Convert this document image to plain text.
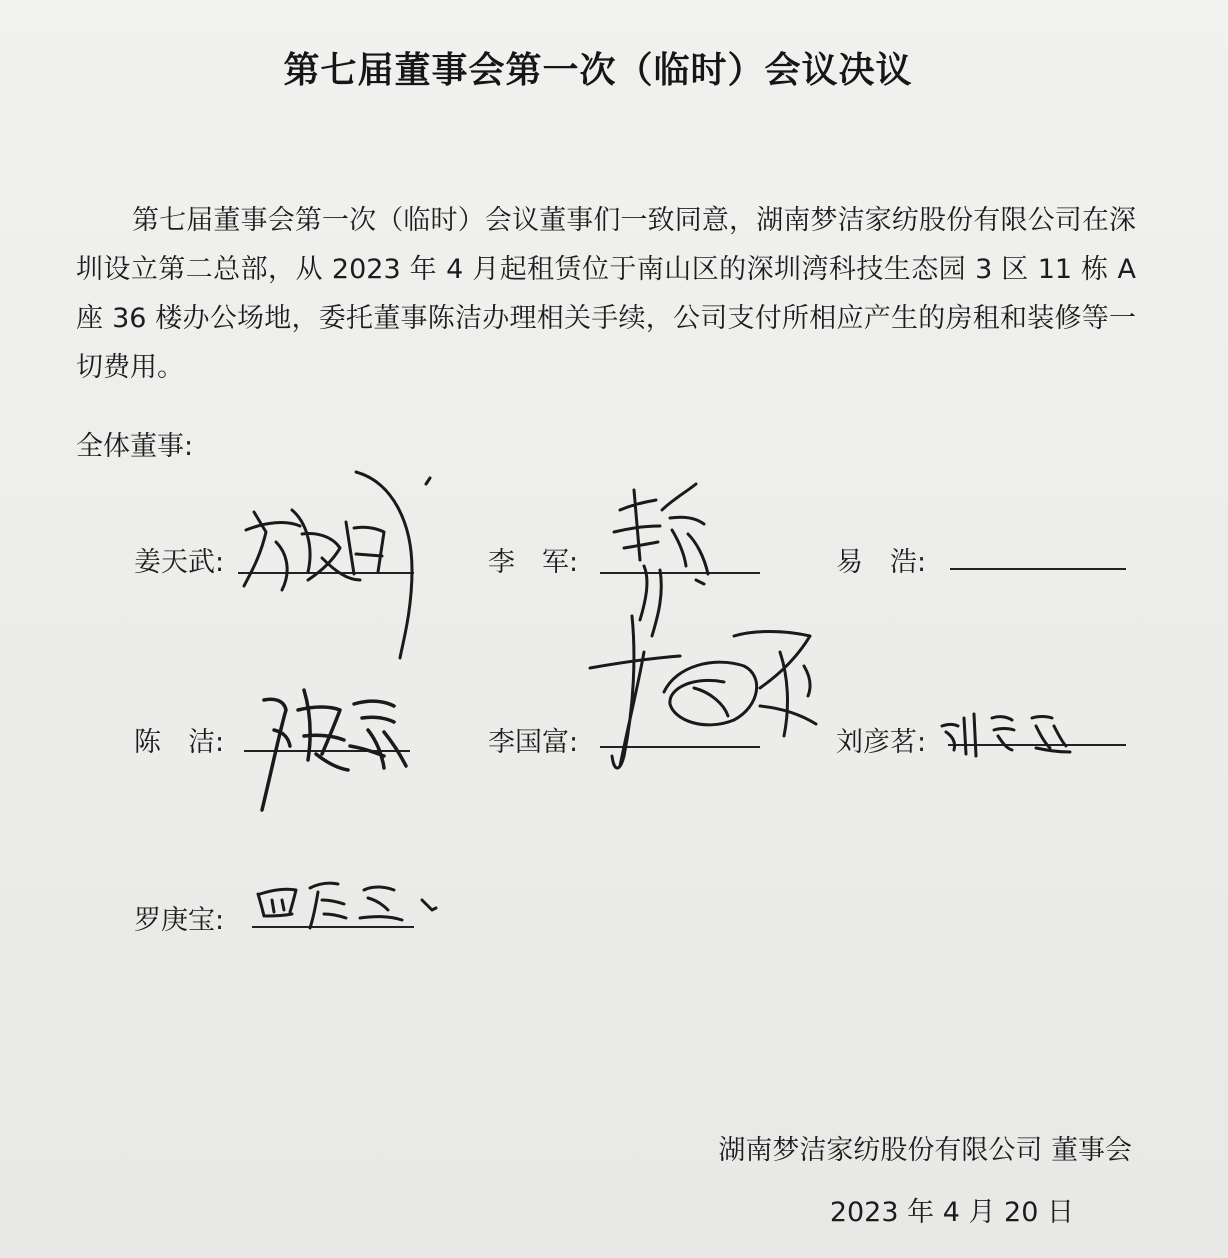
第七届董事会第一次（临时）会议决议
第七届董事会第一次（临时）会议董事们一致同意，湖南梦洁家纺股份有限公司在深圳设立第二总部，从 2023 年 4 月起租赁位于南山区的深圳湾科技生态园 3 区 11 栋 A 座 36 楼办公场地，委托董事陈洁办理相关手续，公司支付所相应产生的房租和装修等一切费用。
全体董事:
姜天武:	李　军:	易　浩:
陈　洁:	李国富:	刘彦茗:
罗庚宝:
湖南梦洁家纺股份有限公司 董事会
2023 年 4 月 20 日
